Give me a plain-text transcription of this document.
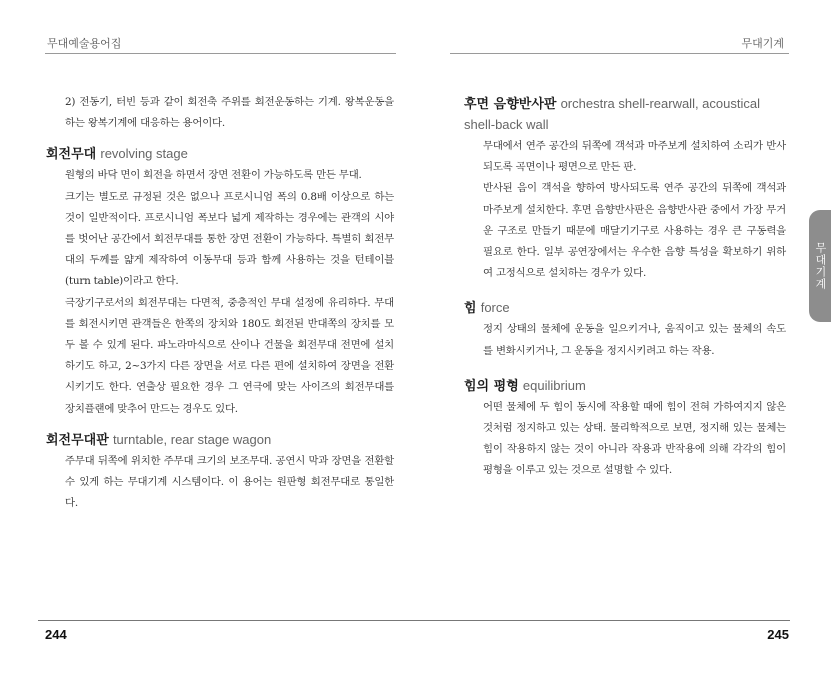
무대예술용어집	무대기계
무대기계

2) 전동기, 터빈 등과 같이 회전축 주위를 회전운동하는 기계. 왕복운동을 하는 왕복기계에 대응하는 용어이다.

회전무대 revolving stage

원형의 바닥 면이 회전을 하면서 장면 전환이 가능하도록 만든 무대.

크기는 별도로 규정된 것은 없으나 프로시니엄 폭의 0.8배 이상으로 하는 것이 일반적이다. 프로시니엄 폭보다 넓게 제작하는 경우에는 관객의 시야를 벗어난 공간에서 회전무대를 통한 장면 전환이 가능하다. 특별히 회전무대의 두께를 얇게 제작하여 이동무대 등과 함께 사용하는 것을 턴테이블(turn table)이라고 한다.

극장기구로서의 회전무대는 다면적, 중층적인 무대 설정에 유리하다. 무대를 회전시키면 관객들은 한쪽의 장치와 180도 회전된 반대쪽의 장치를 모두 볼 수 있게 된다. 파노라마식으로 산이나 건물을 회전무대 전면에 설치하기도 하고, 2~3가지 다른 장면을 서로 다른 편에 설치하여 장면을 전환시키기도 한다. 연출상 필요한 경우 그 연극에 맞는 사이즈의 회전무대를 장치플랜에 맞추어 만드는 경우도 있다.

회전무대판 turntable, rear stage wagon

주무대 뒤쪽에 위치한 주무대 크기의 보조무대. 공연시 막과 장면을 전환할 수 있게 하는 무대기계 시스템이다. 이 용어는 원판형 회전무대로 통일한다.

후면 음향반사판 orchestra shell-rearwall, acoustical shell-back wall

무대에서 연주 공간의 뒤쪽에 객석과 마주보게 설치하여 소리가 반사되도록 곡면이나 평면으로 만든 판.

반사된 음이 객석을 향하여 방사되도록 연주 공간의 뒤쪽에 객석과 마주보게 설치한다. 후면 음향반사판은 음향반사관 중에서 가장 무거운 구조로 만들기 때문에 매달기기구로 사용하는 경우 큰 구동력을 필요로 한다. 일부 공연장에서는 우수한 음향 특성을 확보하기 위하여 고정식으로 설치하는 경우가 있다.

힘 force

정지 상태의 물체에 운동을 일으키거나, 움직이고 있는 물체의 속도를 변화시키거나, 그 운동을 정지시키려고 하는 작용.

힘의 평형 equilibrium

어떤 물체에 두 힘이 동시에 작용할 때에 힘이 전혀 가하여지지 않은 것처럼 정지하고 있는 상태. 물리학적으로 보면, 정지해 있는 물체는 힘이 작용하지 않는 것이 아니라 작용과 반작용에 의해 각각의 힘이 평형을 이루고 있는 것으로 설명할 수 있다.

244	245
